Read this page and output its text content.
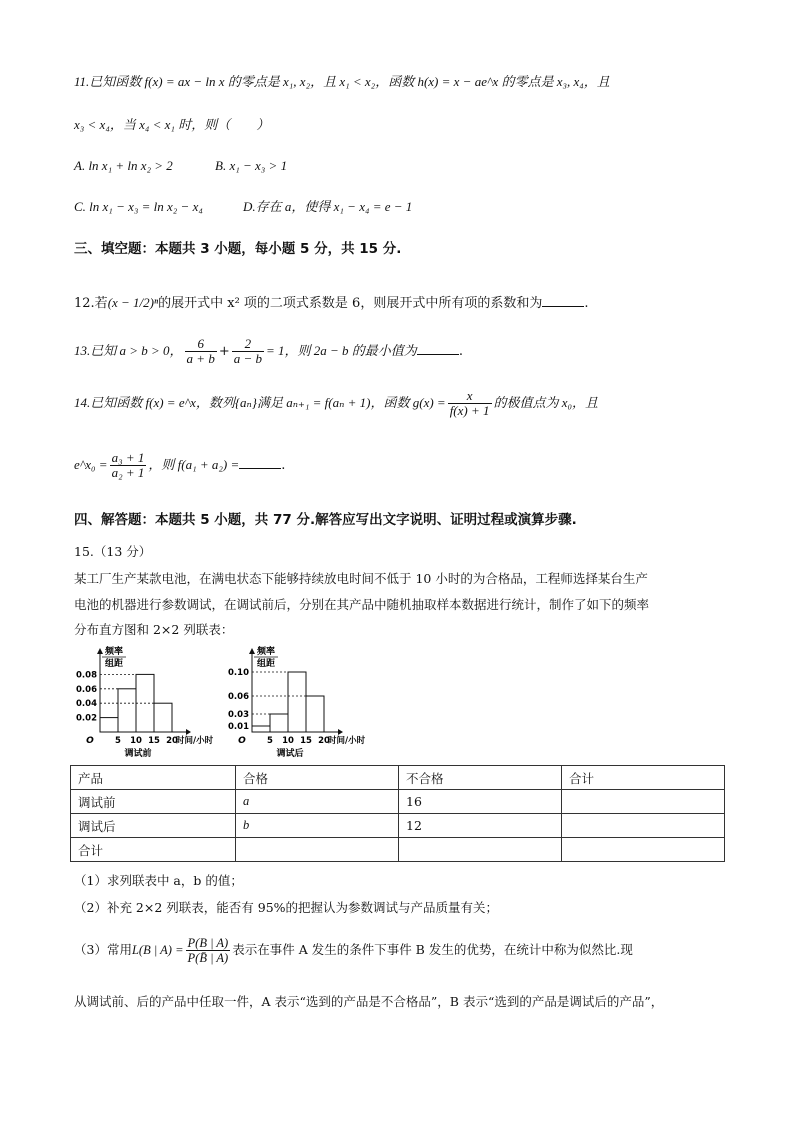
11.已知函数 f(x) = ax − ln x 的零点是 x₁, x₂，且 x₁ < x₂，函数 h(x) = x − ae^x 的零点是 x₃, x₄，且
x₃ < x₄，当 x₄ < x₁ 时，则（　　）
A. ln x₁ + ln x₂ > 2	B. x₁ − x₃ > 1
C. ln x₁ − x₃ = ln x₂ − x₄	D.存在 a，使得 x₁ − x₄ = e − 1
三、填空题：本题共 3 小题，每小题 5 分，共 15 分.
12.若(x − 1/2)ⁿ的展开式中 x² 项的二项式系数是 6，则展开式中所有项的系数和为	.
13.已知 a > b > 0， $\frac{6}{a + b} + \frac{2}{a - b} = 1$，则 2a − b 的最小值为	.
14.已知函数 f(x) = e^x，数列{aₙ}满足 aₙ₊₁ = f(aₙ + 1)，函数 $g(x) = \frac{x}{f(x) + 1}$ 的极值点为 x₀，且
e^x₀ = $\frac{\text{a₃ + 1}}{\text{a₂ + 1}}$ ，则 f(a₁ + a₂) =	.
四、解答题：本题共 5 小题，共 77 分.解答应写出文字说明、证明过程或演算步骤.
15.（13 分）
某工厂生产某款电池，在满电状态下能够持续放电时间不低于 10 小时的为合格品，工程师选择某台生产
电池的机器进行参数调试，在调试前后，分别在其产品中随机抽取样本数据进行统计，制作了如下的频率
分布直方图和 2×2 列联表：
频率
组距
0.08
0.06
0.04
0.02
5 10 15 20
O	时间/小时
调试前
频率
组距
0.10
0.06
0.03
0.01
5 10 15 20
O	时间/小时
调试后
产品	合格	不合格	合计
调试前	a	16	
调试后	b	12	
合计			
（1）求列联表中 a，b 的值；
（2）补充 2×2 列联表，能否有 95%的把握认为参数调试与产品质量有关；
（3）常用L(B | $A) = \frac{P(B | A)}{P(B̄ | A)}$ 表示在事件 A 发生的条件下事件 B 发生的优势，在统计中称为似然比.现
从调试前、后的产品中任取一件，A 表示“选到的产品是不合格品”，B 表示“选到的产品是调试后的产品”，
